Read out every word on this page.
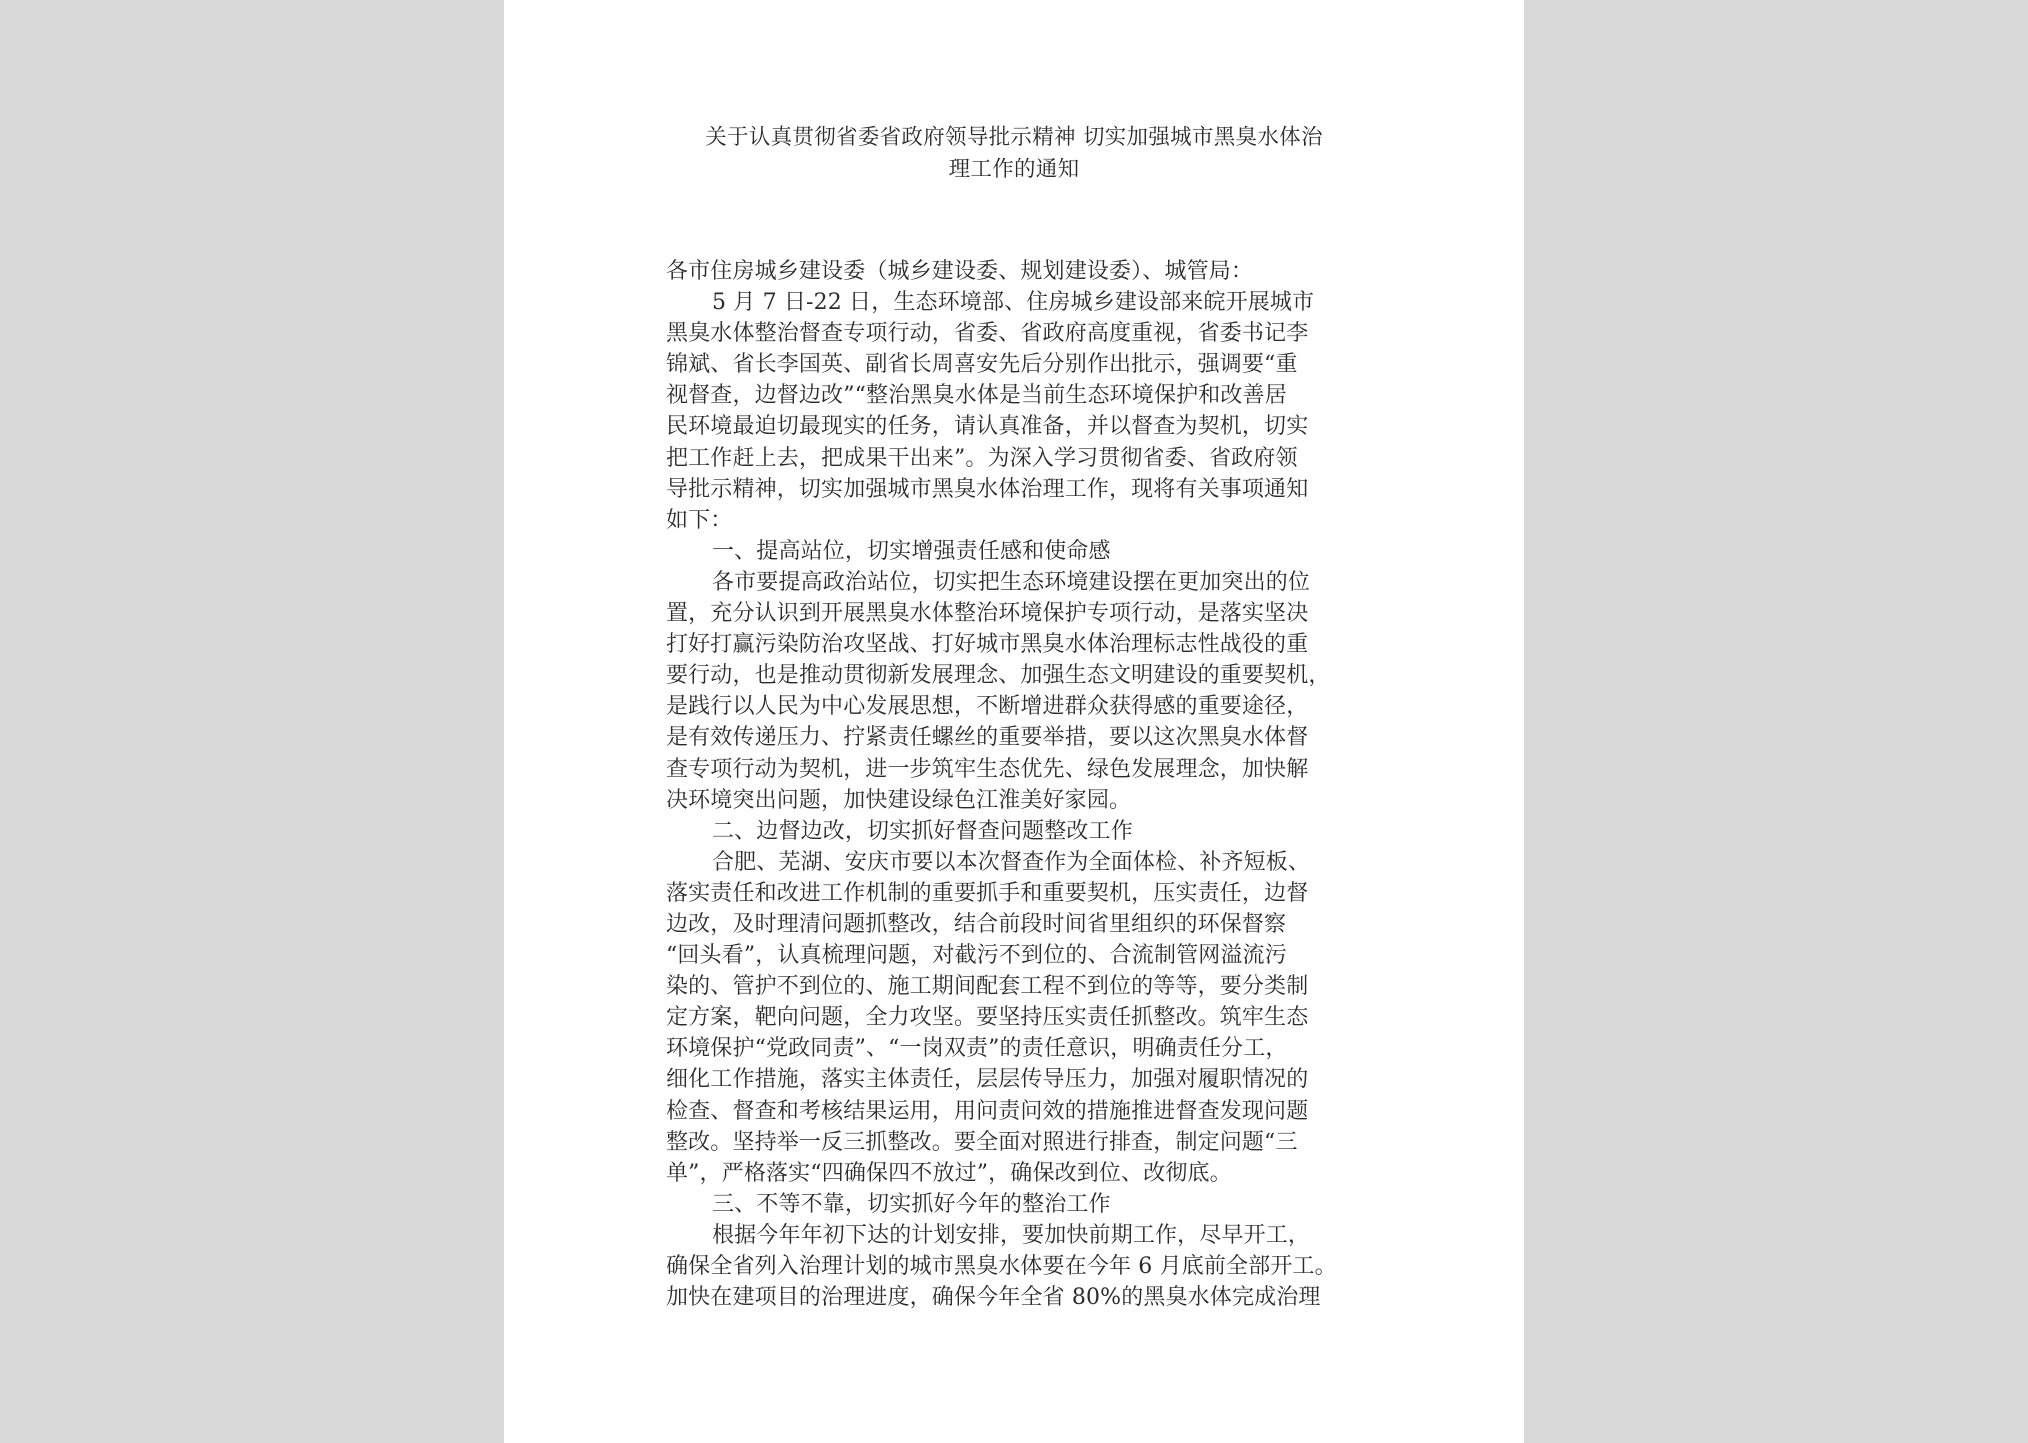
关于认真贯彻省委省政府领导批示精神 切实加强城市黑臭水体治
理工作的通知
各市住房城乡建设委（城乡建设委、规划建设委）、城管局：
5 月 7 日-22 日，生态环境部、住房城乡建设部来皖开展城市
黑臭水体整治督查专项行动，省委、省政府高度重视，省委书记李
锦斌、省长李国英、副省长周喜安先后分别作出批示，强调要“重
视督查，边督边改”“整治黑臭水体是当前生态环境保护和改善居
民环境最迫切最现实的任务，请认真准备，并以督查为契机，切实
把工作赶上去，把成果干出来”。为深入学习贯彻省委、省政府领
导批示精神，切实加强城市黑臭水体治理工作，现将有关事项通知
如下：
一、提高站位，切实增强责任感和使命感
各市要提高政治站位，切实把生态环境建设摆在更加突出的位
置，充分认识到开展黑臭水体整治环境保护专项行动，是落实坚决
打好打赢污染防治攻坚战、打好城市黑臭水体治理标志性战役的重
要行动，也是推动贯彻新发展理念、加强生态文明建设的重要契机，
是践行以人民为中心发展思想，不断增进群众获得感的重要途径，
是有效传递压力、拧紧责任螺丝的重要举措，要以这次黑臭水体督
查专项行动为契机，进一步筑牢生态优先、绿色发展理念，加快解
决环境突出问题，加快建设绿色江淮美好家园。
二、边督边改，切实抓好督查问题整改工作
合肥、芜湖、安庆市要以本次督查作为全面体检、补齐短板、
落实责任和改进工作机制的重要抓手和重要契机，压实责任，边督
边改，及时理清问题抓整改，结合前段时间省里组织的环保督察
“回头看”，认真梳理问题，对截污不到位的、合流制管网溢流污
染的、管护不到位的、施工期间配套工程不到位的等等，要分类制
定方案，靶向问题，全力攻坚。要坚持压实责任抓整改。筑牢生态
环境保护“党政同责”、“一岗双责”的责任意识，明确责任分工，
细化工作措施，落实主体责任，层层传导压力，加强对履职情况的
检查、督查和考核结果运用，用问责问效的措施推进督查发现问题
整改。坚持举一反三抓整改。要全面对照进行排查，制定问题“三
单”，严格落实“四确保四不放过”，确保改到位、改彻底。
三、不等不靠，切实抓好今年的整治工作
根据今年年初下达的计划安排，要加快前期工作，尽早开工，
确保全省列入治理计划的城市黑臭水体要在今年 6 月底前全部开工。
加快在建项目的治理进度，确保今年全省 80%的黑臭水体完成治理
